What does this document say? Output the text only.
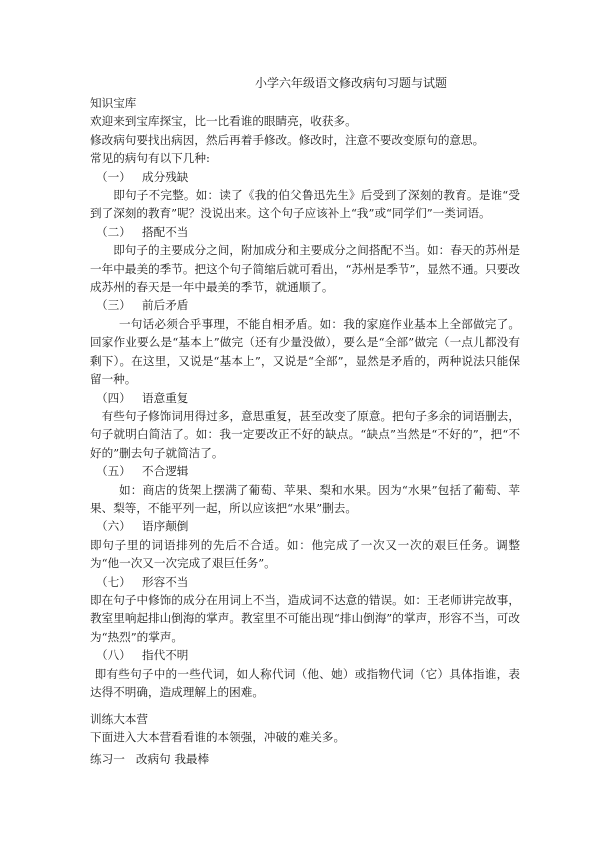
小学六年级语文修改病句习题与试题
知识宝库
欢迎来到宝库探宝，比一比看谁的眼睛亮，收获多。
修改病句要找出病因，然后再着手修改。修改时，注意不要改变原句的意思。
常见的病句有以下几种:
（一） 成分残缺
即句子不完整。如：读了《我的伯父鲁迅先生》后受到了深刻的教育。是谁“受到了深刻的教育”呢？没说出来。这个句子应该补上“我”或“同学们”一类词语。
（二） 搭配不当
即句子的主要成分之间，附加成分和主要成分之间搭配不当。如：春天的苏州是一年中最美的季节。把这个句子简缩后就可看出，“苏州是季节”，显然不通。只要改成苏州的春天是一年中最美的季节，就通顺了。
（三） 前后矛盾
一句话必须合乎事理，不能自相矛盾。如：我的家庭作业基本上全部做完了。回家作业要么是“基本上”做完（还有少量没做），要么是“全部”做完（一点儿都没有剩下）。在这里，又说是“基本上”，又说是“全部”，显然是矛盾的，两种说法只能保留一种。
（四） 语意重复
有些句子修饰词用得过多，意思重复，甚至改变了原意。把句子多余的词语删去，句子就明白简洁了。如：我一定要改正不好的缺点。“缺点”当然是“不好的”，把“不好的”删去句子就简洁了。
（五） 不合逻辑
如：商店的货架上摆满了葡萄、苹果、梨和水果。因为“水果”包括了葡萄、苹果、梨等，不能平列一起，所以应该把“水果”删去。
（六） 语序颠倒
即句子里的词语排列的先后不合适。如：他完成了一次又一次的艰巨任务。调整为“他一次又一次完成了艰巨任务”。
（七） 形容不当
即在句子中修饰的成分在用词上不当，造成词不达意的错误。如：王老师讲完故事，教室里响起排山倒海的掌声。教室里不可能出现“排山倒海”的掌声，形容不当，可改为“热烈”的掌声。
（八） 指代不明
即有些句子中的一些代词，如人称代词（他、她）或指物代词（它）具体指谁，表达得不明确，造成理解上的困难。
训练大本营
下面进入大本营看看谁的本领强，冲破的难关多。
练习一 改病句 我最棒
